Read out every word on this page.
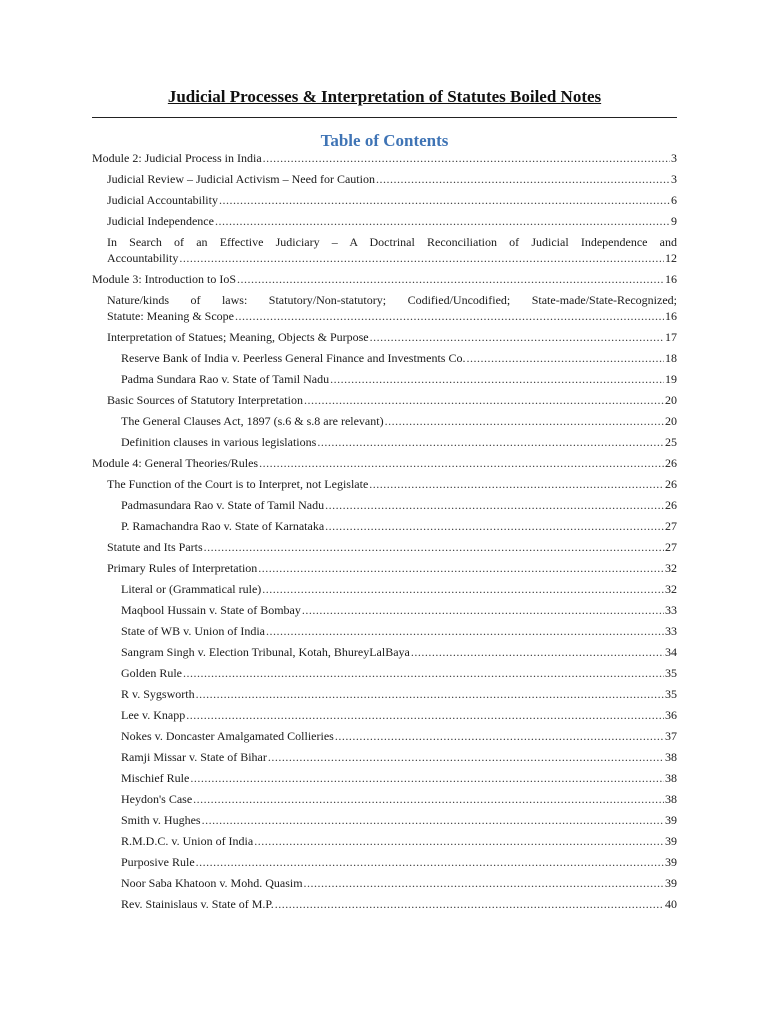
Judicial Processes & Interpretation of Statutes Boiled Notes
Table of Contents
Module 2: Judicial Process in India .....	3
Judicial Review – Judicial Activism – Need for Caution .....	3
Judicial Accountability .....	6
Judicial Independence .....	9
In Search of an Effective Judiciary – A Doctrinal Reconciliation of Judicial Independence and
Accountability .....	12
Module 3: Introduction to IoS .....	16
Nature/kinds of laws: Statutory/Non-statutory; Codified/Uncodified; State-made/State-Recognized;
Statute: Meaning & Scope .....	16
Interpretation of Statues; Meaning, Objects & Purpose .....	17
Reserve Bank of India v. Peerless General Finance and Investments Co. .....	18
Padma Sundara Rao v. State of Tamil Nadu .....	19
Basic Sources of Statutory Interpretation .....	20
The General Clauses Act, 1897 (s.6 & s.8 are relevant) .....	20
Definition clauses in various legislations .....	25
Module 4: General Theories/Rules .....	26
The Function of the Court is to Interpret, not Legislate .....	26
Padmasundara Rao v. State of Tamil Nadu .....	26
P. Ramachandra Rao v. State of Karnataka .....	27
Statute and Its Parts .....	27
Primary Rules of Interpretation .....	32
Literal or (Grammatical rule) .....	32
Maqbool Hussain v. State of Bombay .....	33
State of WB v. Union of India .....	33
Sangram Singh v. Election Tribunal, Kotah, BhureyLalBaya .....	34
Golden Rule .....	35
R v. Sygsworth .....	35
Lee v. Knapp .....	36
Nokes v. Doncaster Amalgamated Collieries .....	37
Ramji Missar v. State of Bihar .....	38
Mischief Rule .....	38
Heydon's Case .....	38
Smith v. Hughes .....	39
R.M.D.C. v. Union of India .....	39
Purposive Rule .....	39
Noor Saba Khatoon v. Mohd. Quasim .....	39
Rev. Stainislaus v. State of M.P. .....	40
